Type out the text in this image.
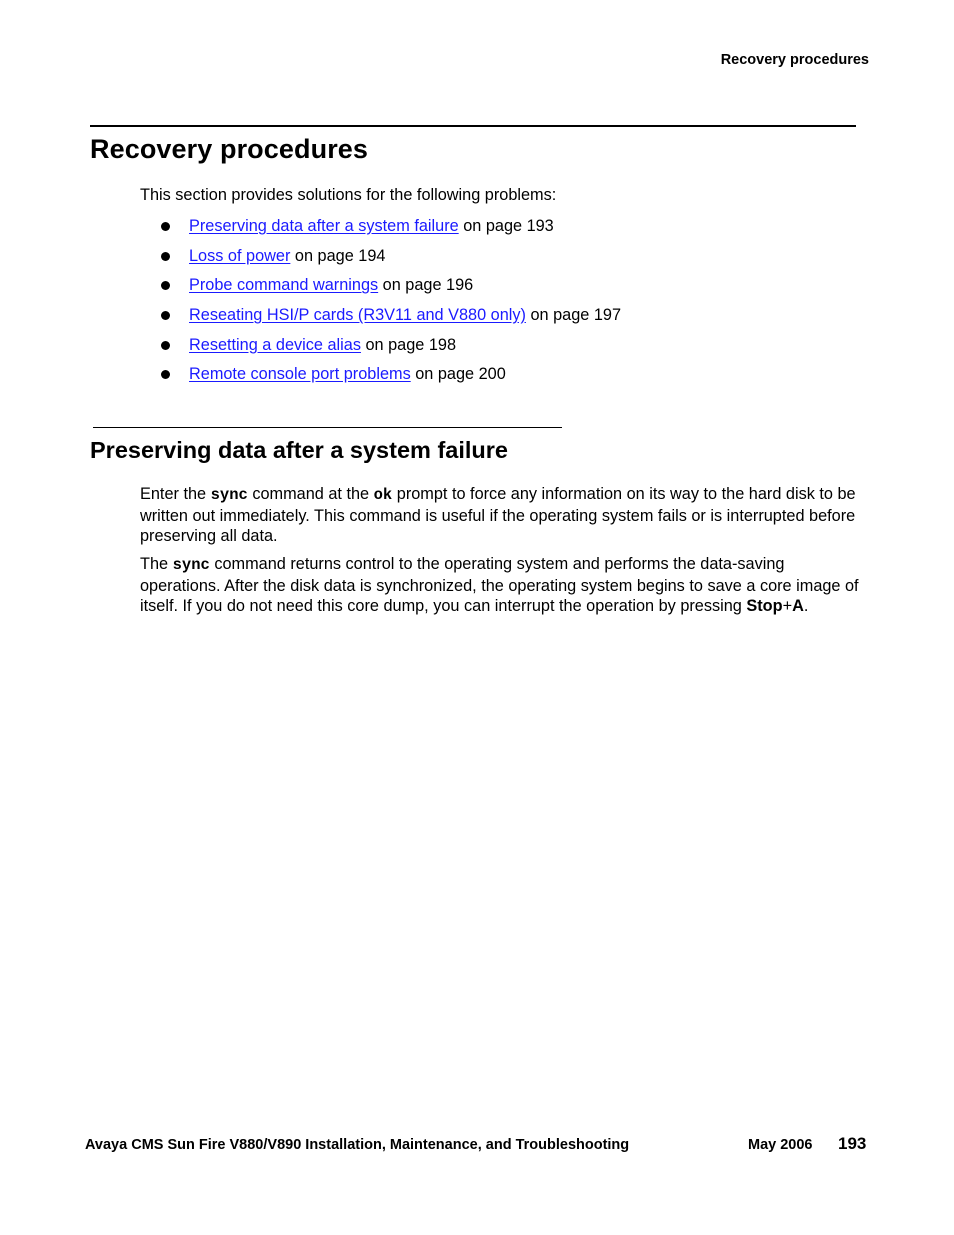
Recovery procedures
Recovery procedures

This section provides solutions for the following problems:

Preserving data after a system failure on page 193
Loss of power on page 194
Probe command warnings on page 196
Reseating HSI/P cards (R3V11 and V880 only) on page 197
Resetting a device alias on page 198
Remote console port problems on page 200
Preserving data after a system failure

Enter the sync command at the ok prompt to force any information on its way to the hard disk to be written out immediately. This command is useful if the operating system fails or is interrupted before preserving all data.

The sync command returns control to the operating system and performs the data-saving operations. After the disk data is synchronized, the operating system begins to save a core image of itself. If you do not need this core dump, you can interrupt the operation by pressing Stop+A.

Avaya CMS Sun Fire V880/V890 Installation, Maintenance, and Troubleshooting	May 2006 193
